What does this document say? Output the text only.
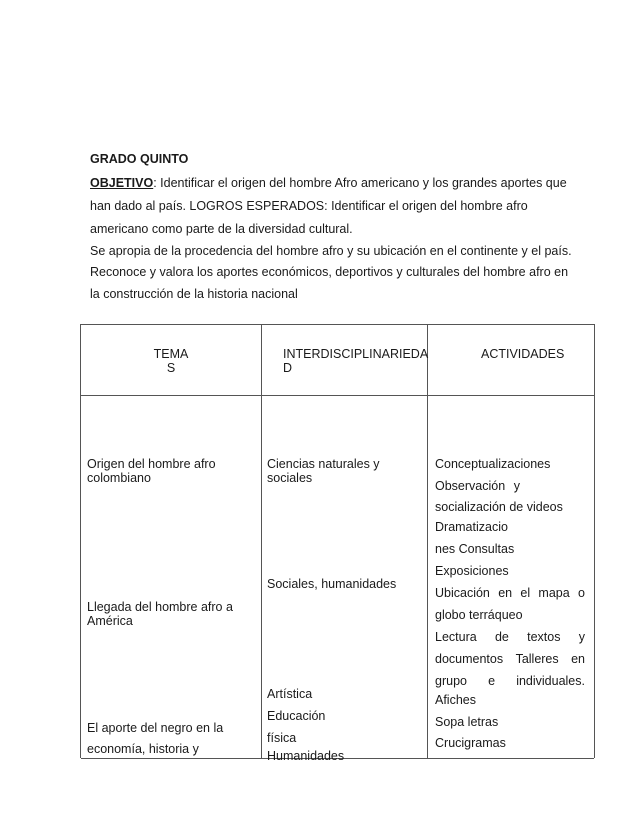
GRADO QUINTO
OBJETIVO: Identificar el origen del hombre Afro americano y los grandes aportes que
han dado al país. LOGROS ESPERADOS: Identificar el origen del hombre afro
americano como parte de la diversidad cultural.
Se apropia de la procedencia del hombre afro y su ubicación en el continente y el país.
Reconoce y valora los aportes económicos, deportivos y culturales del hombre afro en
la construcción de la historia nacional
TEMA
S
INTERDISCIPLINARIEDA
D
ACTIVIDADES
Origen del hombre afro
colombiano
Llegada del hombre afro a
América
El aporte del negro en la
economía, historia y
Ciencias naturales y
sociales
Sociales, humanidades
Artística
Educación
física
Humanidades
Conceptualizaciones
Observación y
socialización de videos
Dramatizacio
nes Consultas
Exposiciones
Ubicación en el mapa o
globo terráqueo
Lectura de textos y
documentos Talleres en
grupo e individuales.
Afiches
Sopa letras
Crucigramas
